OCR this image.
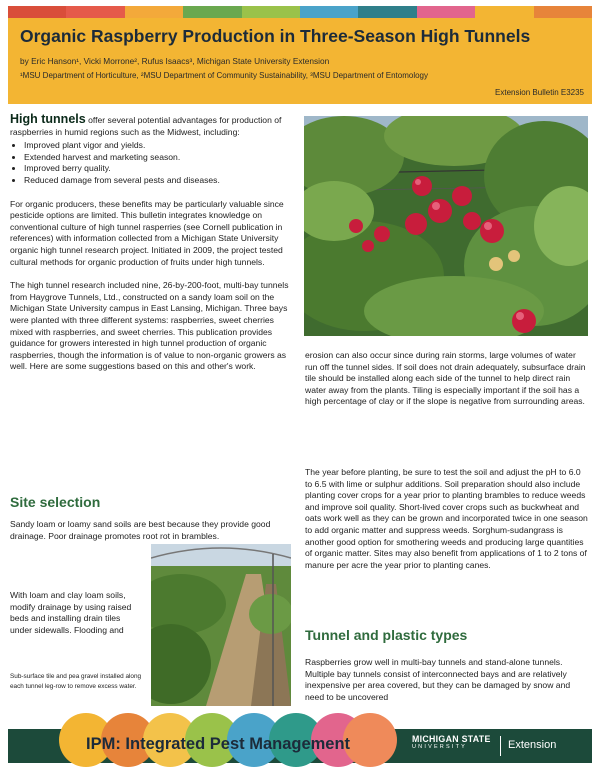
Organic Raspberry Production in Three-Season High Tunnels
by Eric Hanson¹, Vicki Morrone², Rufus Isaacs³, Michigan State University Extension
¹MSU Department of Horticulture, ²MSU Department of Community Sustainability, ³MSU Department of Entomology
Extension Bulletin E3235
High tunnels offer several potential advantages for production of raspberries in humid regions such as the Midwest, including:
• Improved plant vigor and yields.
• Extended harvest and marketing season.
• Improved berry quality.
• Reduced damage from several pests and diseases.
For organic producers, these benefits may be particularly valuable since pesticide options are limited. This bulletin integrates knowledge on conventional culture of high tunnel rasperries (see Cornell publication in references) with information collected from a Michigan State University organic high tunnel research project. Initiated in 2009, the project tested cultural methods for organic production of fruits under high tunnels.
The high tunnel research included nine, 26-by-200-foot, multi-bay tunnels from Haygrove Tunnels, Ltd., constructed on a sandy loam soil on the Michigan State University campus in East Lansing, Michigan. Three bays were planted with three different systems: raspberries, sweet cherries mixed with raspberries, and sweet cherries. This publication provides guidance for growers interested in high tunnel production of organic raspberries, though the information is of value to non-organic growers as well. Here are some suggestions based on this and other's work.
Site selection
Sandy loam or loamy sand soils are best because they provide good drainage. Poor drainage promotes root rot in brambles.
With loam and clay loam soils, modify drainage by using raised beds and installing drain tiles under sidewalls. Flooding and
Sub-surface tile and pea gravel installed along each tunnel leg-row to remove excess water.
erosion can also occur since during rain storms, large volumes of water run off the tunnel sides. If soil does not drain adequately, subsurface drain tile should be installed along each side of the tunnel to help direct rain water away from the plants. Tiling is especially important if the soil has a high percentage of clay or if the slope is negative from surrounding areas.
The year before planting, be sure to test the soil and adjust the pH to 6.0 to 6.5 with lime or sulphur additions. Soil preparation should also include planting cover crops for a year prior to planting brambles to reduce weeds and improve soil quality. Short-lived cover crops such as buckwheat and oats work well as they can be grown and incorporated twice in one season to add organic matter and suppress weeds. Sorghum-sudangrass is another good option for smothering weeds and producing large quantities of organic matter. Sites may also benefit from applications of 1 to 2 tons of manure per acre the year prior to planting canes.
Tunnel and plastic types
Raspberries grow well in multi-bay tunnels and stand-alone tunnels. Multiple bay tunnels consist of interconnected bays and are relatively inexpensive per area covered, but they can be damaged by snow and need to be uncovered
IPM: Integrated Pest Management	MICHIGAN STATE
UNIVERSITY	Extension
